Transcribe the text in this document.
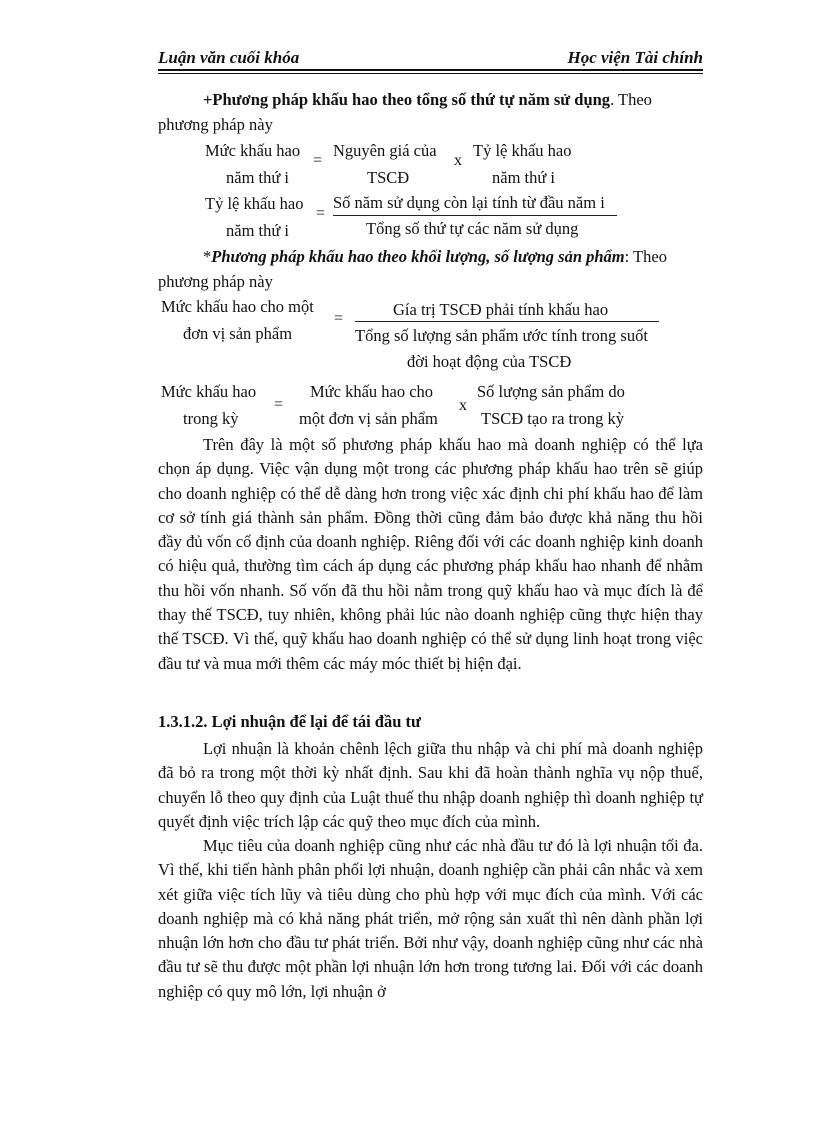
Luận văn cuối khóa	Học viện Tài chính
+Phương pháp khấu hao theo tổng số thứ tự năm sử dụng. Theo
phương pháp này
Mức khấu hao
năm thứ i
=
Nguyên giá của
TSCĐ
x
Tỷ lệ khấu hao
năm thứ i
Tỷ lệ khấu hao
năm thứ i
=
Số năm sử dụng còn lại tính từ đầu năm i
Tổng số thứ tự các năm sử dụng
*Phương pháp khấu hao theo khối lượng, số lượng sản phẩm: Theo
phương pháp này
Mức khấu hao cho một
đơn vị sản phẩm
=	Gía trị TSCĐ phải tính khấu hao
Tổng số lượng sản phẩm ước tính trong suốt
đời hoạt động của TSCĐ
Mức khấu hao
trong kỳ
=
Mức khấu hao cho
một đơn vị sản phẩm
x
Số lượng sản phẩm do
TSCĐ tạo ra trong kỳ

Trên đây là một số phương pháp khấu hao mà doanh nghiệp có thể lựa chọn áp dụng. Việc vận dụng một trong các phương pháp khấu hao trên sẽ giúp cho doanh nghiệp có thể dễ dàng hơn trong việc xác định chi phí khấu hao để làm cơ sở tính giá thành sản phẩm. Đồng thời cũng đảm bảo được khả năng thu hồi đầy đủ vốn cố định của doanh nghiệp. Riêng đối với các doanh nghiệp kinh doanh có hiệu quả, thường tìm cách áp dụng các phương pháp khấu hao nhanh để nhằm thu hồi vốn nhanh. Số vốn đã thu hồi nằm trong quỹ khấu hao và mục đích là để thay thế TSCĐ, tuy nhiên, không phải lúc nào doanh nghiệp cũng thực hiện thay thế TSCĐ. Vì thế, quỹ khấu hao doanh nghiệp có thể sử dụng linh hoạt trong việc đầu tư và mua mới thêm các máy móc thiết bị hiện đại.

1.3.1.2. Lợi nhuận để lại để tái đầu tư

Lợi nhuận là khoản chênh lệch giữa thu nhập và chi phí mà doanh nghiệp đã bỏ ra trong một thời kỳ nhất định. Sau khi đã hoàn thành nghĩa vụ nộp thuế, chuyển lỗ theo quy định của Luật thuế thu nhập doanh nghiệp thì doanh nghiệp tự quyết định việc trích lập các quỹ theo mục đích của mình.

Mục tiêu của doanh nghiệp cũng như các nhà đầu tư đó là lợi nhuận tối đa. Vì thế, khi tiến hành phân phối lợi nhuận, doanh nghiệp cần phải cân nhắc và xem xét giữa việc tích lũy và tiêu dùng cho phù hợp với mục đích của mình. Với các doanh nghiệp mà có khả năng phát triển, mở rộng sản xuất thì nên dành phần lợi nhuận lớn hơn cho đầu tư phát triển. Bởi như vậy, doanh nghiệp cũng như các nhà đầu tư sẽ thu được một phần lợi nhuận lớn hơn trong tương lai. Đối với các doanh nghiệp có quy mô lớn, lợi nhuận ở
